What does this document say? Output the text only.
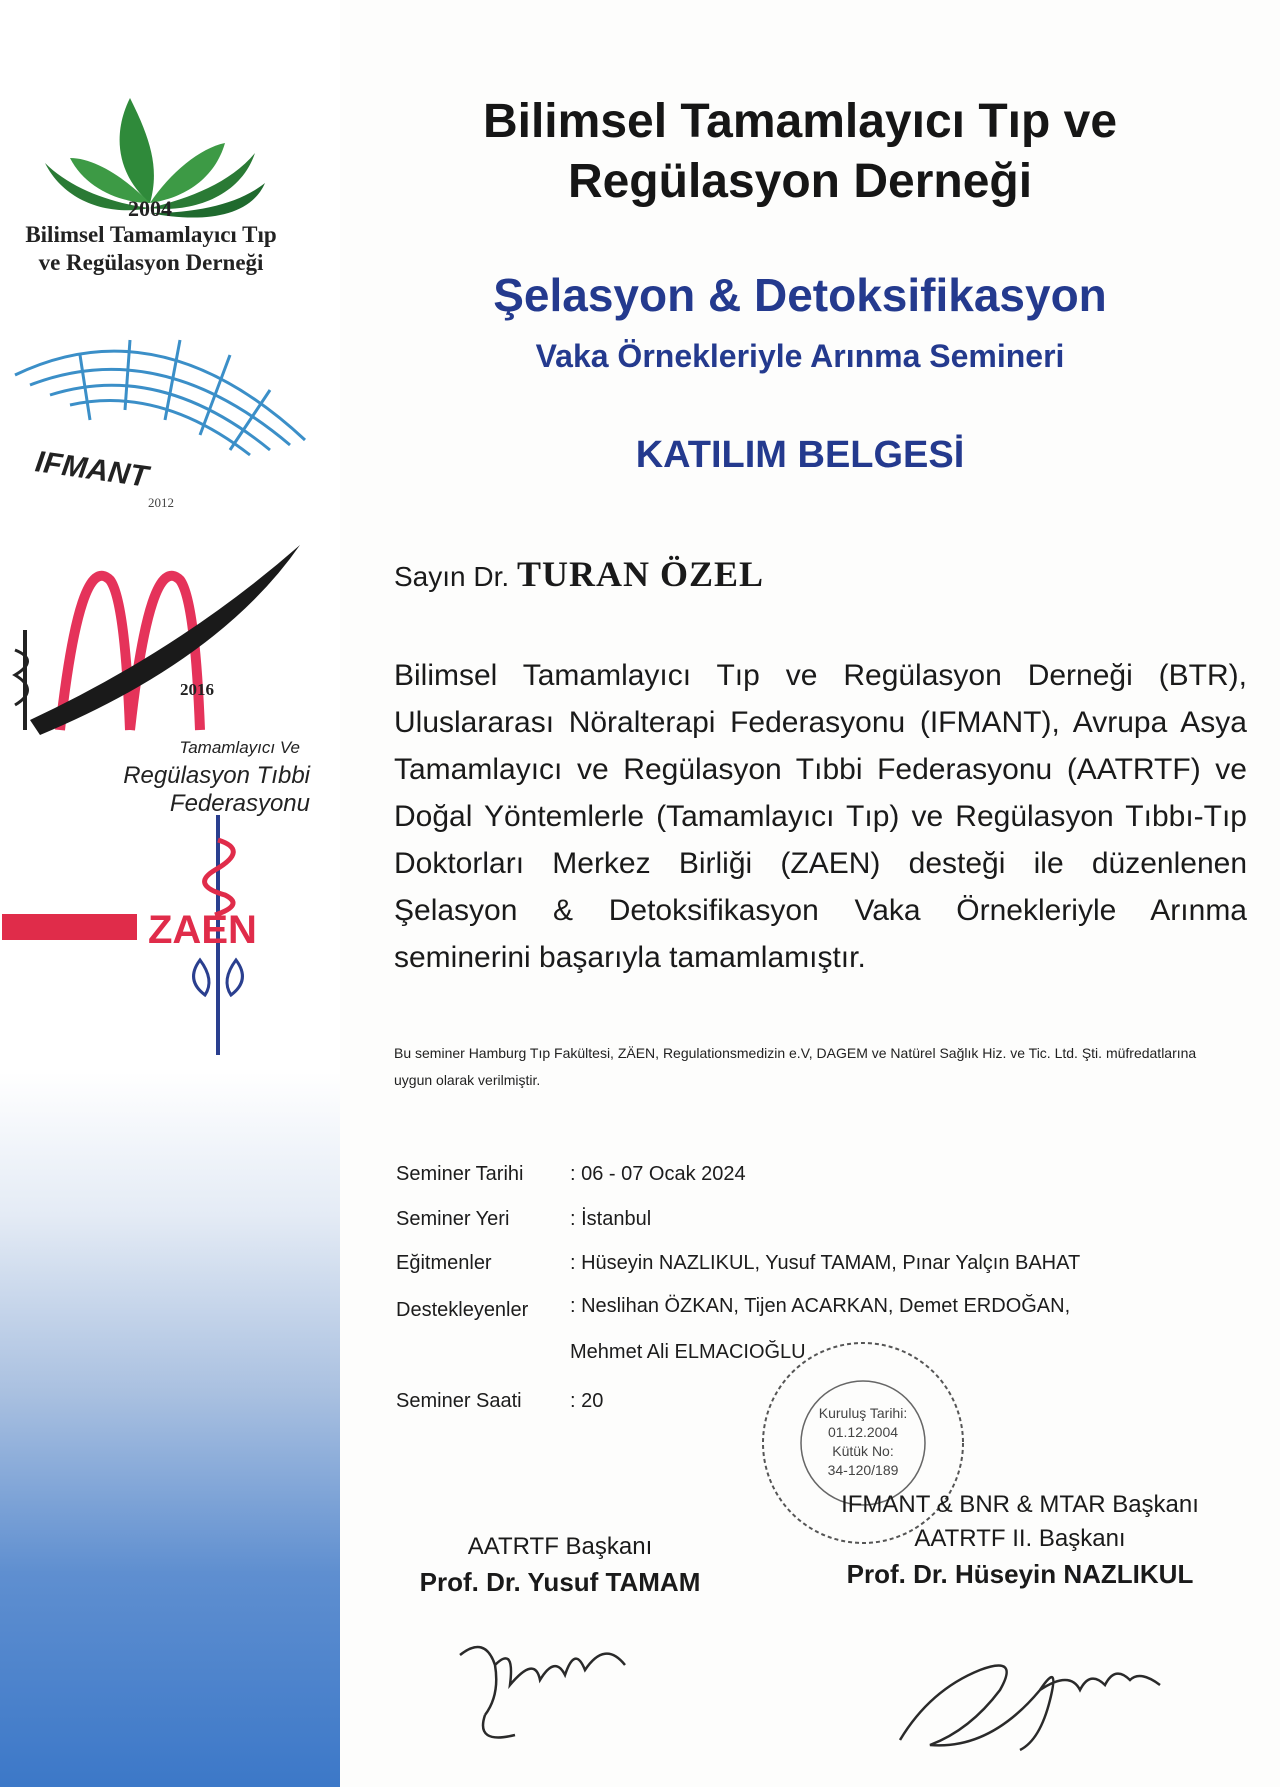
2004
Bilimsel Tamamlayıcı Tıp
ve Regülasyon Derneği
IFMANT
2012
2016
Tamamlayıcı Ve
Regülasyon Tıbbi Federasyonu
ZAEN
Bilimsel Tamamlayıcı Tıp ve
Regülasyon Derneği
Şelasyon & Detoksifikasyon
Vaka Örnekleriyle Arınma Semineri
KATILIM BELGESİ
Sayın Dr. TURAN ÖZEL
Bilimsel Tamamlayıcı Tıp ve Regülasyon Derneği (BTR), Uluslararası Nöralterapi Federasyonu (IFMANT), Avrupa Asya Tamamlayıcı ve Regülasyon Tıbbi Federasyonu (AATRTF) ve Doğal Yöntemlerle (Tamamlayıcı Tıp) ve Regülasyon Tıbbı-Tıp Doktorları Merkez Birliği (ZAEN) desteği ile düzenlenen Şelasyon & Detoksifikasyon Vaka Örnekleriyle Arınma seminerini başarıyla tamamlamıştır.
Bu seminer Hamburg Tıp Fakültesi, ZÄEN, Regulationsmedizin e.V, DAGEM ve Natürel Sağlık Hiz. ve Tic. Ltd. Şti. müfredatlarına uygun olarak verilmiştir.
Seminer Tarihi : 06 - 07 Ocak 2024
Seminer Yeri	: İstanbul
Eğitmenler	: Hüseyin NAZLIKUL, Yusuf TAMAM, Pınar Yalçın BAHAT
Destekleyenler : Neslihan ÖZKAN, Tijen ACARKAN, Demet ERDOĞAN,
Mehmet Ali ELMACIOĞLU
Seminer Saati : 20
Kuruluş Tarihi:
01.12.2004
Kütük No:
34-120/189
AATRTF Başkanı
Prof. Dr. Yusuf TAMAM
IFMANT & BNR & MTAR Başkanı
AATRTF II. Başkanı
Prof. Dr. Hüseyin NAZLIKUL
